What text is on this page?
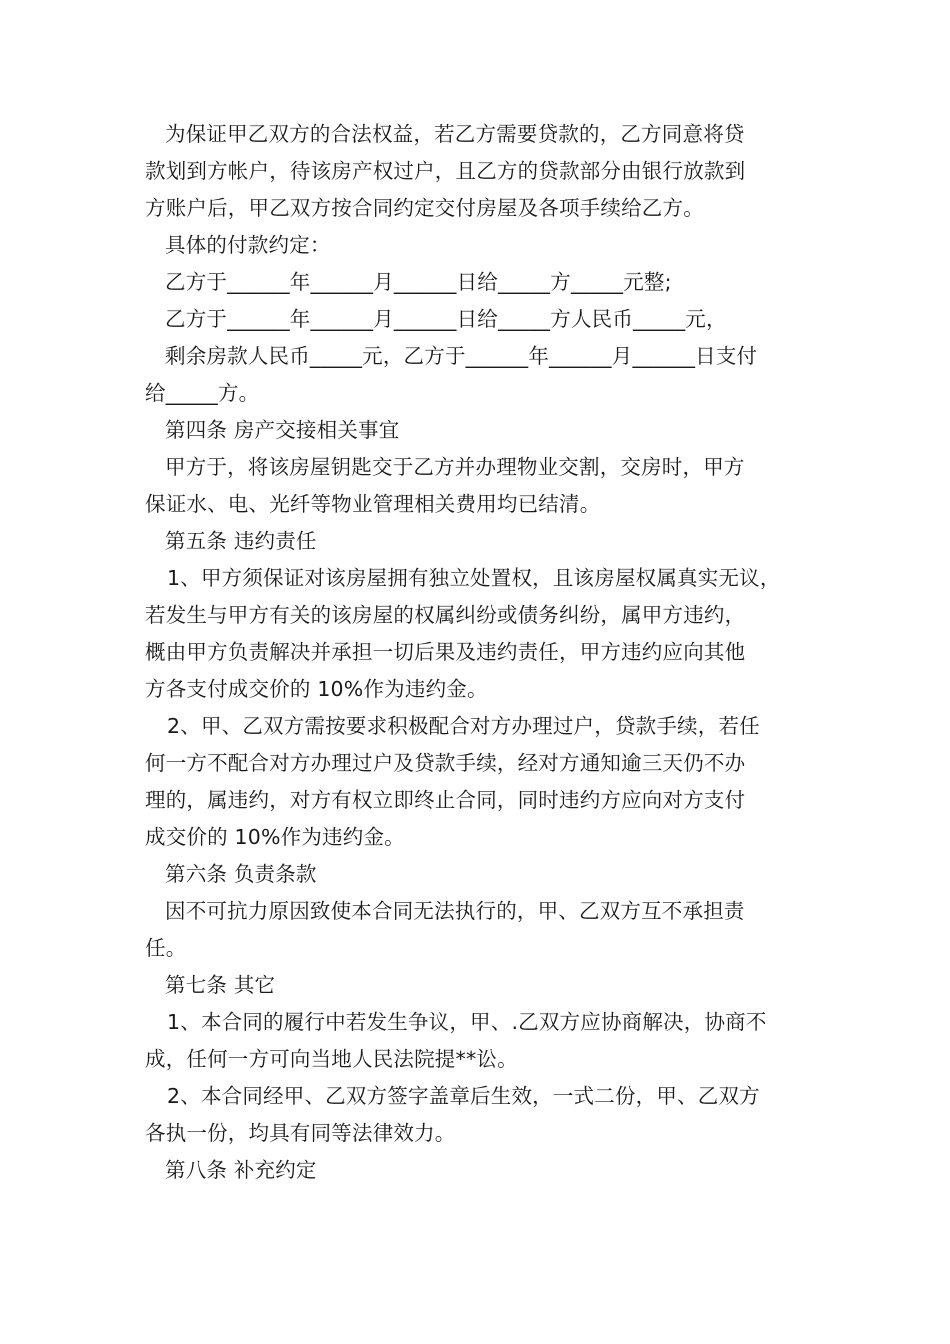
为保证甲乙双方的合法权益，若乙方需要贷款的，乙方同意将贷
款划到方帐户，待该房产权过户，且乙方的贷款部分由银行放款到
方账户后，甲乙双方按合同约定交付房屋及各项手续给乙方。
具体的付款约定：
乙方于______年______月______日给_____方_____元整;
乙方于______年______月______日给_____方人民币_____元，
剩余房款人民币_____元，乙方于______年______月______日支付
给_____方。
第四条 房产交接相关事宜
甲方于，将该房屋钥匙交于乙方并办理物业交割，交房时，甲方
保证水、电、光纤等物业管理相关费用均已结清。
第五条 违约责任
1、甲方须保证对该房屋拥有独立处置权，且该房屋权属真实无议，
若发生与甲方有关的该房屋的权属纠纷或债务纠纷，属甲方违约，
概由甲方负责解决并承担一切后果及违约责任，甲方违约应向其他
方各支付成交价的 10%作为违约金。
2、甲、乙双方需按要求积极配合对方办理过户，贷款手续，若任
何一方不配合对方办理过户及贷款手续，经对方通知逾三天仍不办
理的，属违约，对方有权立即终止合同，同时违约方应向对方支付
成交价的 10%作为违约金。
第六条 负责条款
因不可抗力原因致使本合同无法执行的，甲、乙双方互不承担责
任。
第七条 其它
1、本合同的履行中若发生争议，甲、.乙双方应协商解决，协商不
成，任何一方可向当地人民法院提**讼。
2、本合同经甲、乙双方签字盖章后生效，一式二份，甲、乙双方
各执一份，均具有同等法律效力。
第八条 补充约定
